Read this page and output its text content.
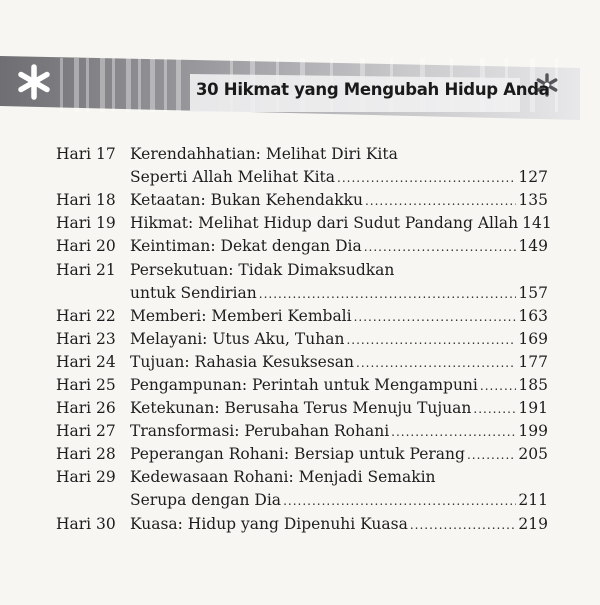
30 Hikmat yang Mengubah Hidup Anda
Hari 17 Kerendahhatian: Melihat Diri Kita
Seperti Allah Melihat Kita .....	127
Hari 18 Ketaatan: Bukan Kehendakku .....	135
Hari 19 Hikmat: Melihat Hidup dari Sudut Pandang Allah 141
Hari 20 Keintiman: Dekat dengan Dia .....	149
Hari 21 Persekutuan: Tidak Dimaksudkan
untuk Sendirian .....	157
Hari 22 Memberi: Memberi Kembali .....	163
Hari 23 Melayani: Utus Aku, Tuhan .....	169
Hari 24 Tujuan: Rahasia Kesuksesan .....	177
Hari 25 Pengampunan: Perintah untuk Mengampuni .....	185
Hari 26 Ketekunan: Berusaha Terus Menuju Tujuan .....	191
Hari 27 Transformasi: Perubahan Rohani .....	199
Hari 28 Peperangan Rohani: Bersiap untuk Perang .....	205
Hari 29 Kedewasaan Rohani: Menjadi Semakin
Serupa dengan Dia .....	211
Hari 30 Kuasa: Hidup yang Dipenuhi Kuasa .....	219
